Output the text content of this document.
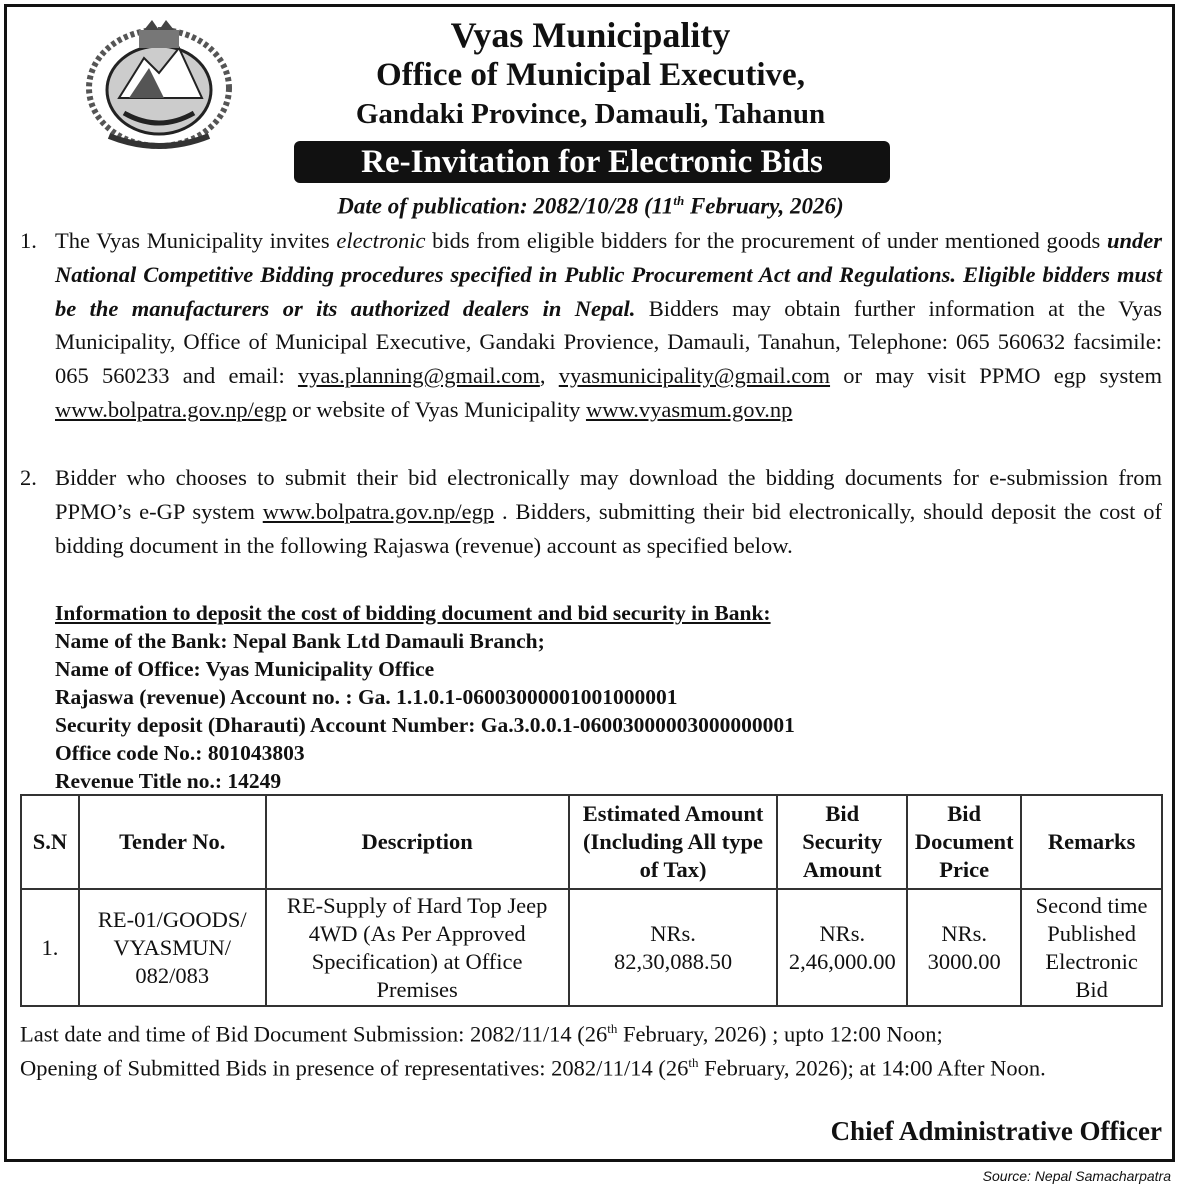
Vyas Municipality
Office of Municipal Executive,
Gandaki Province, Damauli, Tahanun
Re-Invitation for Electronic Bids
Date of publication: 2082/10/28 (11th February, 2026)
1. The Vyas Municipality invites electronic bids from eligible bidders for the procurement of under mentioned goods under National Competitive Bidding procedures specified in Public Procurement Act and Regulations. Eligible bidders must be the manufacturers or its authorized dealers in Nepal. Bidders may obtain further information at the Vyas Municipality, Office of Municipal Executive, Gandaki Provience, Damauli, Tanahun, Telephone: 065 560632 facsimile: 065 560233 and email: vyas.planning@gmail.com, vyasmunicipality@gmail.com or may visit PPMO egp system www.bolpatra.gov.np/egp or website of Vyas Municipality www.vyasmum.gov.np
2. Bidder who chooses to submit their bid electronically may download the bidding documents for e-submission from PPMO’s e-GP system www.bolpatra.gov.np/egp . Bidders, submitting their bid electronically, should deposit the cost of bidding document in the following Rajaswa (revenue) account as specified below.
Information to deposit the cost of bidding document and bid security in Bank:
Name of the Bank: Nepal Bank Ltd Damauli Branch;
Name of Office: Vyas Municipality Office
Rajaswa (revenue) Account no. : Ga. 1.1.0.1-06003000001001000001
Security deposit (Dharauti) Account Number: Ga.3.0.0.1-06003000003000000001
Office code No.: 801043803
Revenue Title no.: 14249
S.N	Tender No.	Description	Estimated Amount
(Including All type
of Tax)	Bid
Security
Amount	Bid
Document
Price	Remarks
1.	RE-01/GOODS/
VYASMUN/
082/083	RE-Supply of Hard Top Jeep
4WD (As Per Approved
Specification) at Office
Premises	NRs.
82,30,088.50	NRs.
2,46,000.00	NRs.
3000.00	Second time
Published
Electronic
Bid
Last date and time of Bid Document Submission: 2082/11/14 (26th February, 2026) ; upto 12:00 Noon;
Opening of Submitted Bids in presence of representatives: 2082/11/14 (26th February, 2026); at 14:00 After Noon.
Chief Administrative Officer
Source: Nepal Samacharpatra
